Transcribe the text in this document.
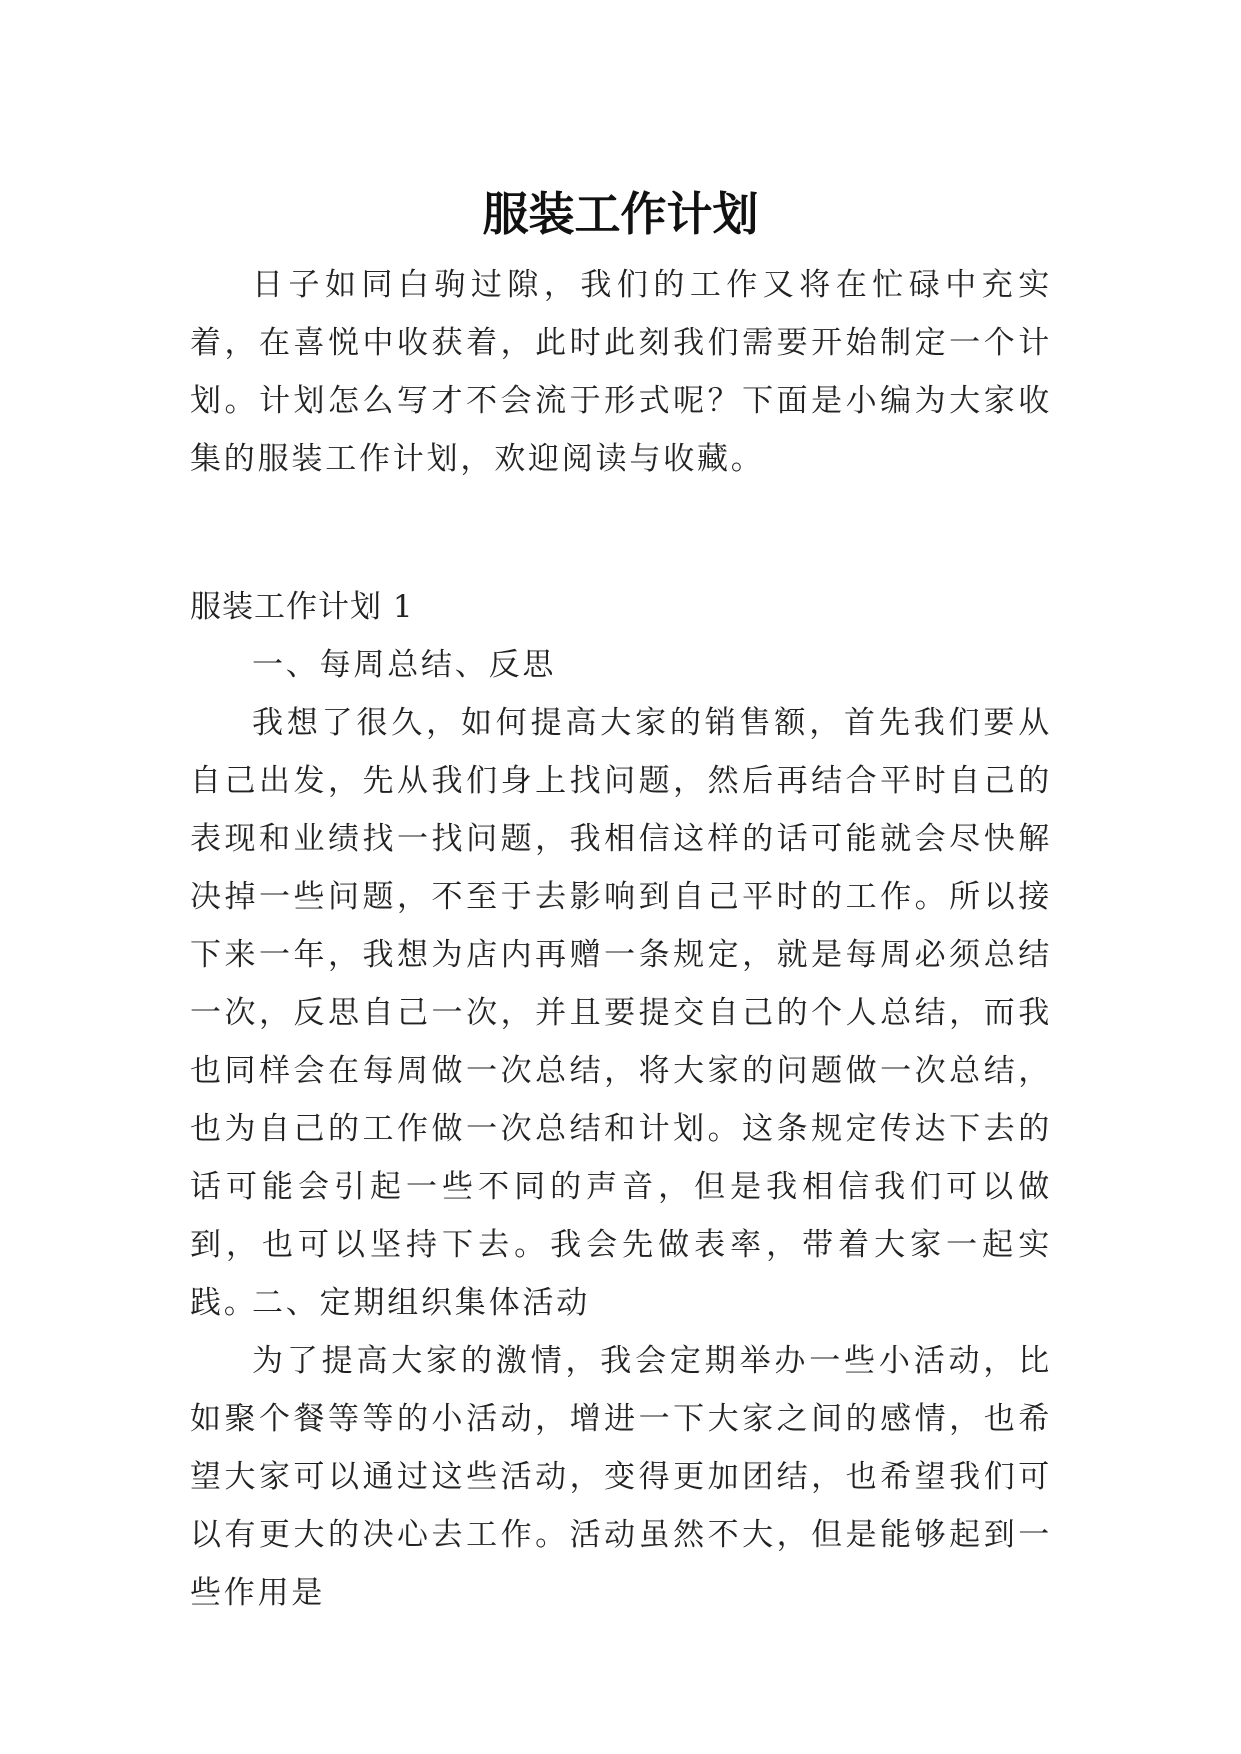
服装工作计划

日子如同白驹过隙，我们的工作又将在忙碌中充实着，在喜悦中收获着，此时此刻我们需要开始制定一个计划。计划怎么写才不会流于形式呢？下面是小编为大家收集的服装工作计划，欢迎阅读与收藏。

服装工作计划 1

一、每周总结、反思

我想了很久，如何提高大家的销售额，首先我们要从自己出发，先从我们身上找问题，然后再结合平时自己的表现和业绩找一找问题，我相信这样的话可能就会尽快解决掉一些问题，不至于去影响到自己平时的工作。所以接下来一年，我想为店内再赠一条规定，就是每周必须总结一次，反思自己一次，并且要提交自己的个人总结，而我也同样会在每周做一次总结，将大家的问题做一次总结，也为自己的工作做一次总结和计划。这条规定传达下去的话可能会引起一些不同的声音，但是我相信我们可以做到，也可以坚持下去。我会先做表率，带着大家一起实践。

二、定期组织集体活动

为了提高大家的激情，我会定期举办一些小活动，比如聚个餐等等的小活动，增进一下大家之间的感情，也希望大家可以通过这些活动，变得更加团结，也希望我们可以有更大的决心去工作。活动虽然不大，但是能够起到一些作用是
